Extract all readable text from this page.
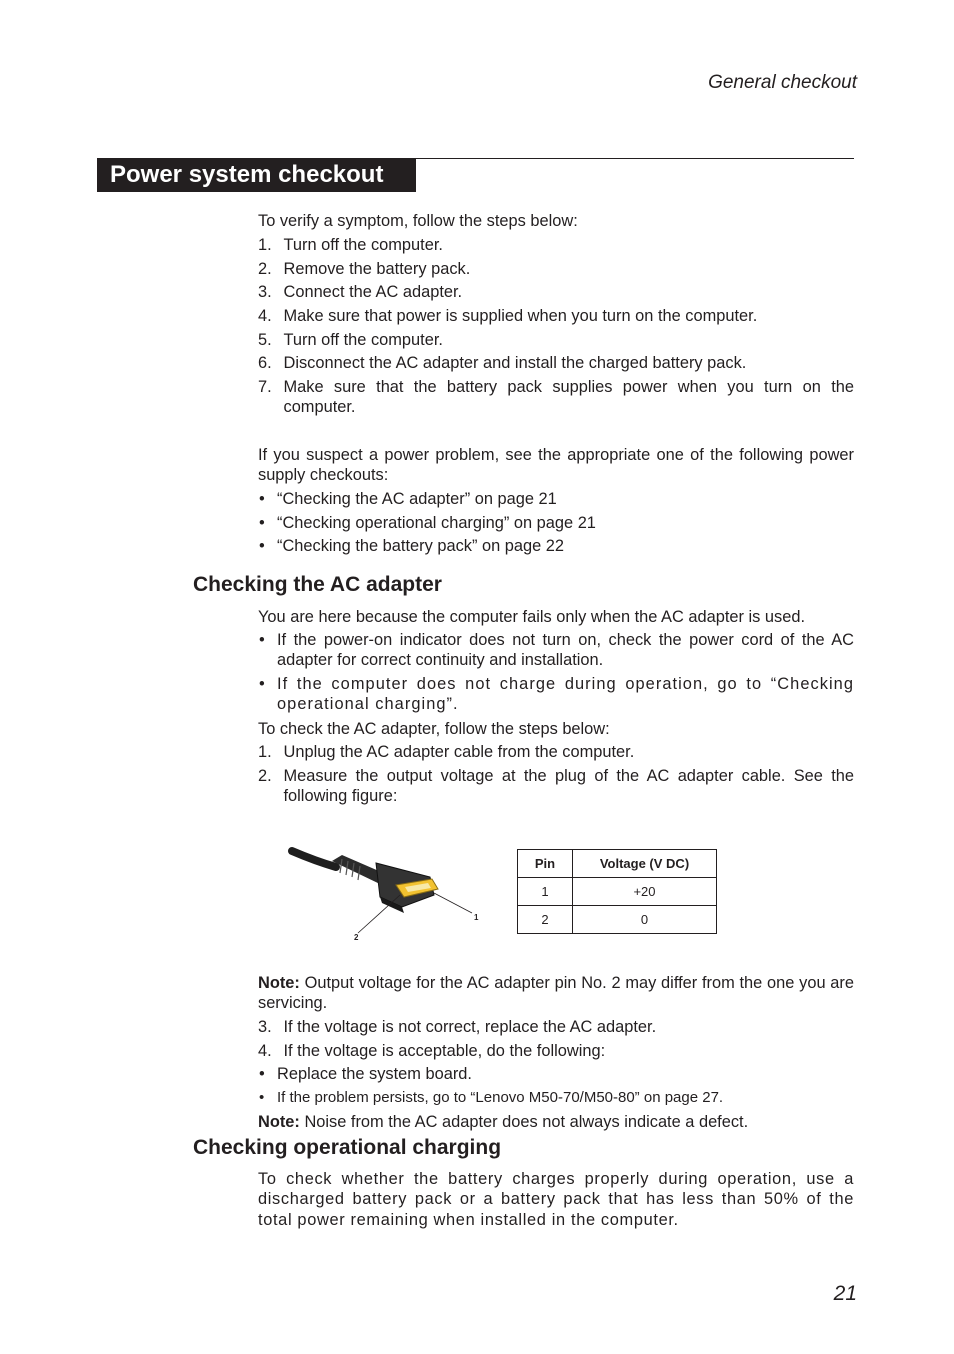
General checkout
Power system checkout

To verify a symptom, follow the steps below:

1. Turn off the computer.
2. Remove the battery pack.
3. Connect the AC adapter.
4. Make sure that power is supplied when you turn on the computer.
5. Turn off the computer.
6. Disconnect the AC adapter and install the charged battery pack.
7. Make sure that the battery pack supplies power when you turn on the computer.

If you suspect a power problem, see the appropriate one of the following power supply checkouts:

• “Checking the AC adapter” on page 21
• “Checking operational charging” on page 21
• “Checking the battery pack” on page 22
Checking the AC adapter

You are here because the computer fails only when the AC adapter is used.

• If the power-on indicator does not turn on, check the power cord of the AC adapter for correct continuity and installation.
• If the computer does not charge during operation, go to “Checking operational charging”.

To check the AC adapter, follow the steps below:

1. Unplug the AC adapter cable from the computer.
2. Measure the output voltage at the plug of the AC adapter cable. See the following figure:
1
2
Pin	Voltage (V DC)
1	+20
2	0

Note: Output voltage for the AC adapter pin No. 2 may differ from the one you are servicing.

3. If the voltage is not correct, replace the AC adapter.
4. If the voltage is acceptable, do the following:
• Replace the system board.
• If the problem persists, go to “Lenovo M50-70/M50-80” on page 27.

Note: Noise from the AC adapter does not always indicate a defect.

Checking operational charging

To check whether the battery charges properly during operation, use a discharged battery pack or a battery pack that has less than 50% of the total power remaining when installed in the computer.

21
